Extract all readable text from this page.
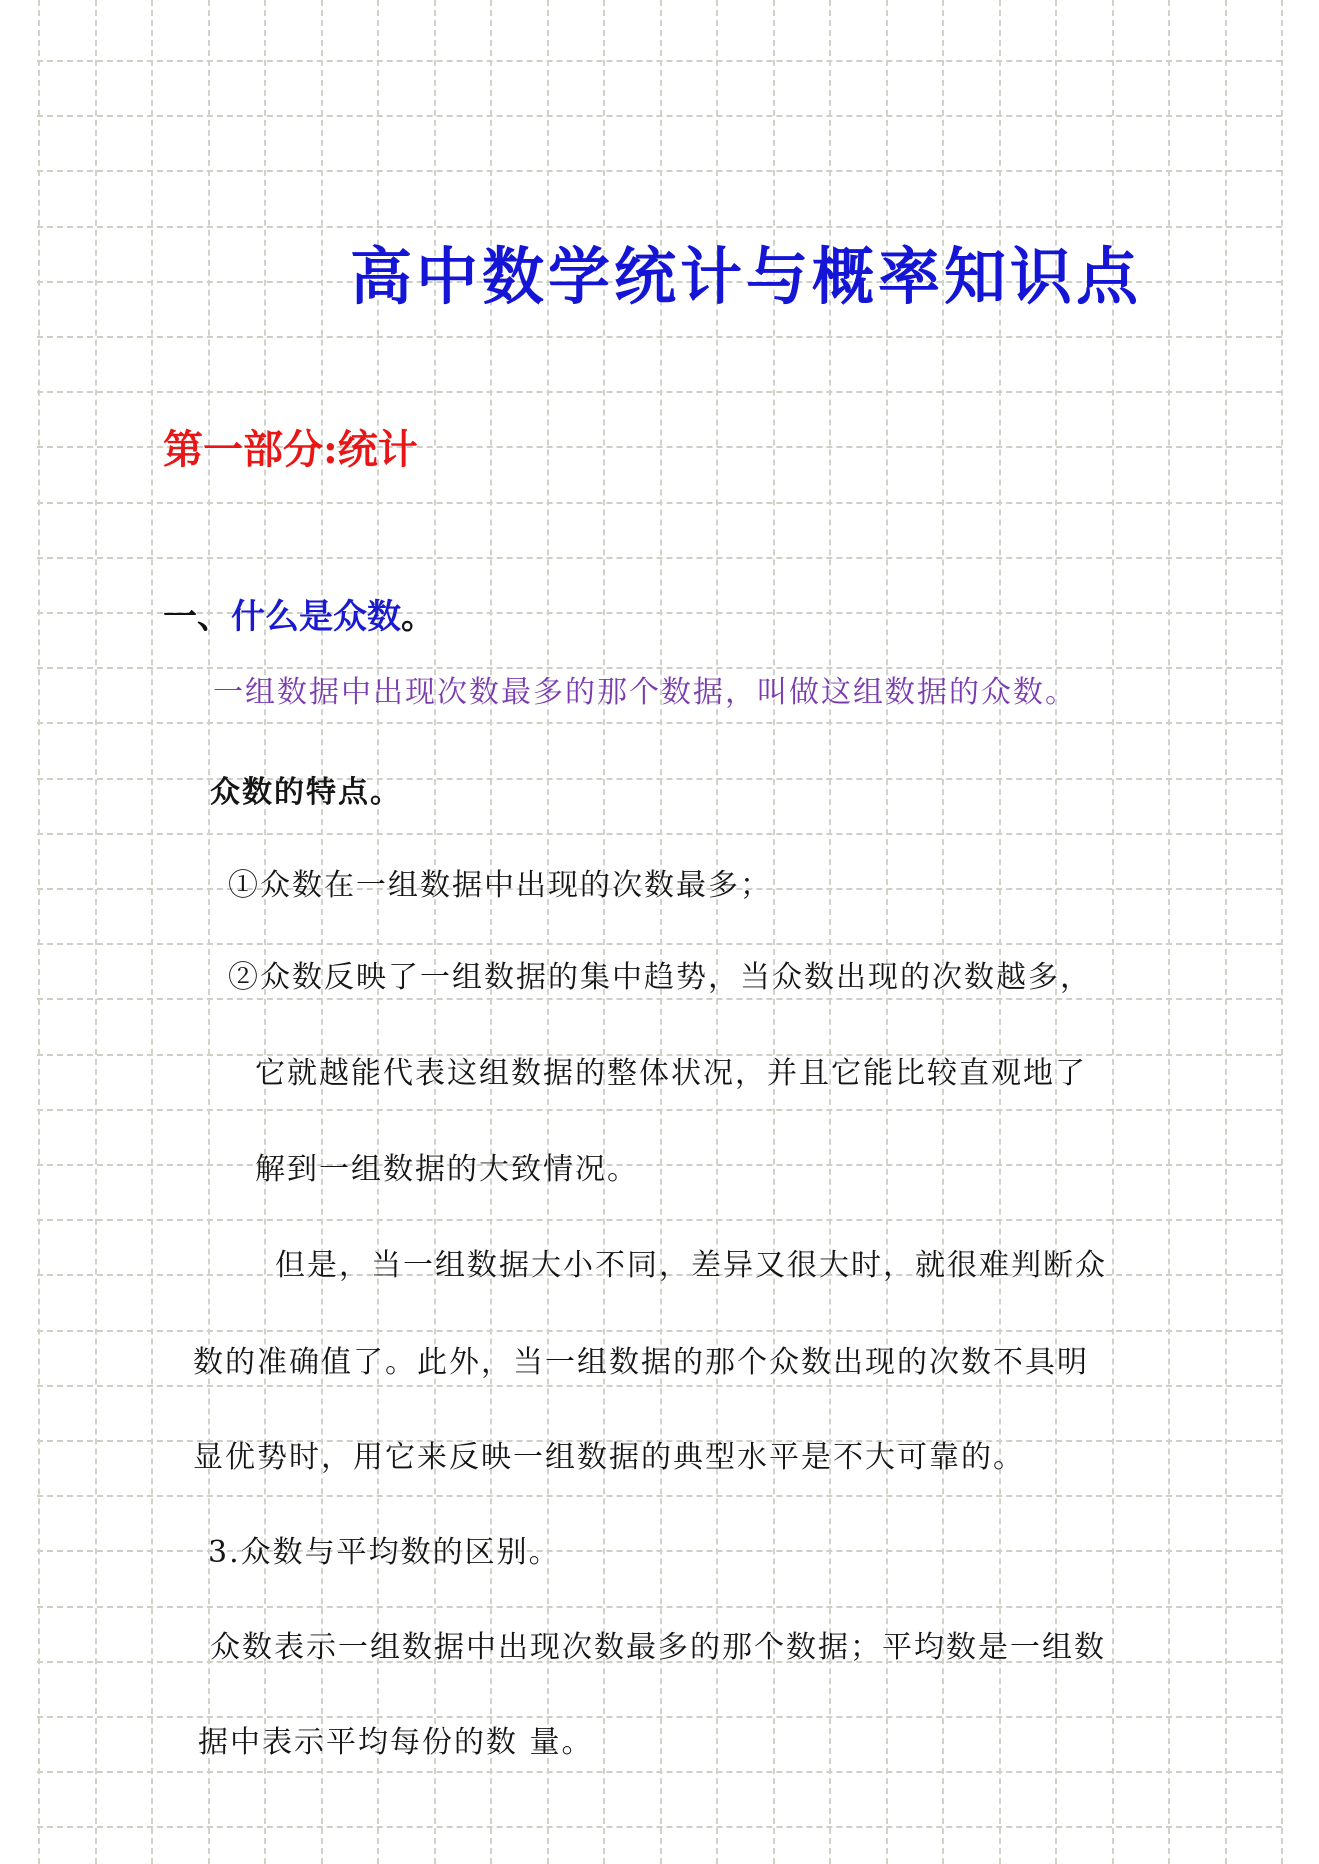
高中数学统计与概率知识点
第一部分:统计
一、什么是众数。
一组数据中出现次数最多的那个数据，叫做这组数据的众数。
众数的特点。
①众数在一组数据中出现的次数最多；
②众数反映了一组数据的集中趋势，当众数出现的次数越多，
它就越能代表这组数据的整体状况，并且它能比较直观地了
解到一组数据的大致情况。
但是，当一组数据大小不同，差异又很大时，就很难判断众
数的准确值了。此外，当一组数据的那个众数出现的次数不具明
显优势时，用它来反映一组数据的典型水平是不大可靠的。
3.众数与平均数的区别。
众数表示一组数据中出现次数最多的那个数据；平均数是一组数
据中表示平均每份的数 量。
